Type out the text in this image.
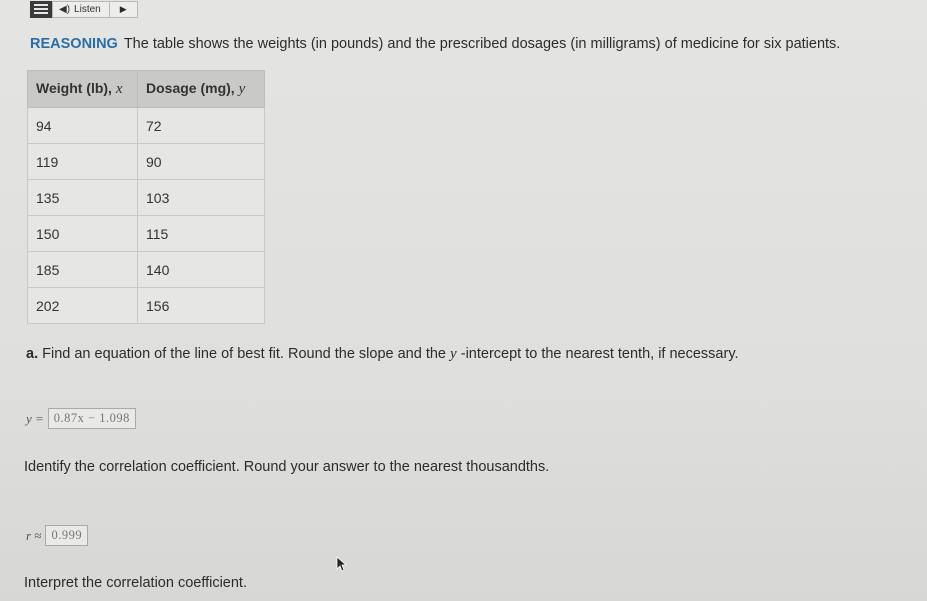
◀︎) Listen ▶
REASONING The table shows the weights (in pounds) and the prescribed dosages (in milligrams) of medicine for six patients.
Weight (lb), x	Dosage (mg), y
94	72
119	90
135	103
150	115
185	140
202	156
a. Find an equation of the line of best fit. Round the slope and the y -intercept to the nearest tenth, if necessary.
y = 0.87x − 1.098
Identify the correlation coefficient. Round your answer to the nearest thousandths.
r ≈ 0.999
Interpret the correlation coefficient.
